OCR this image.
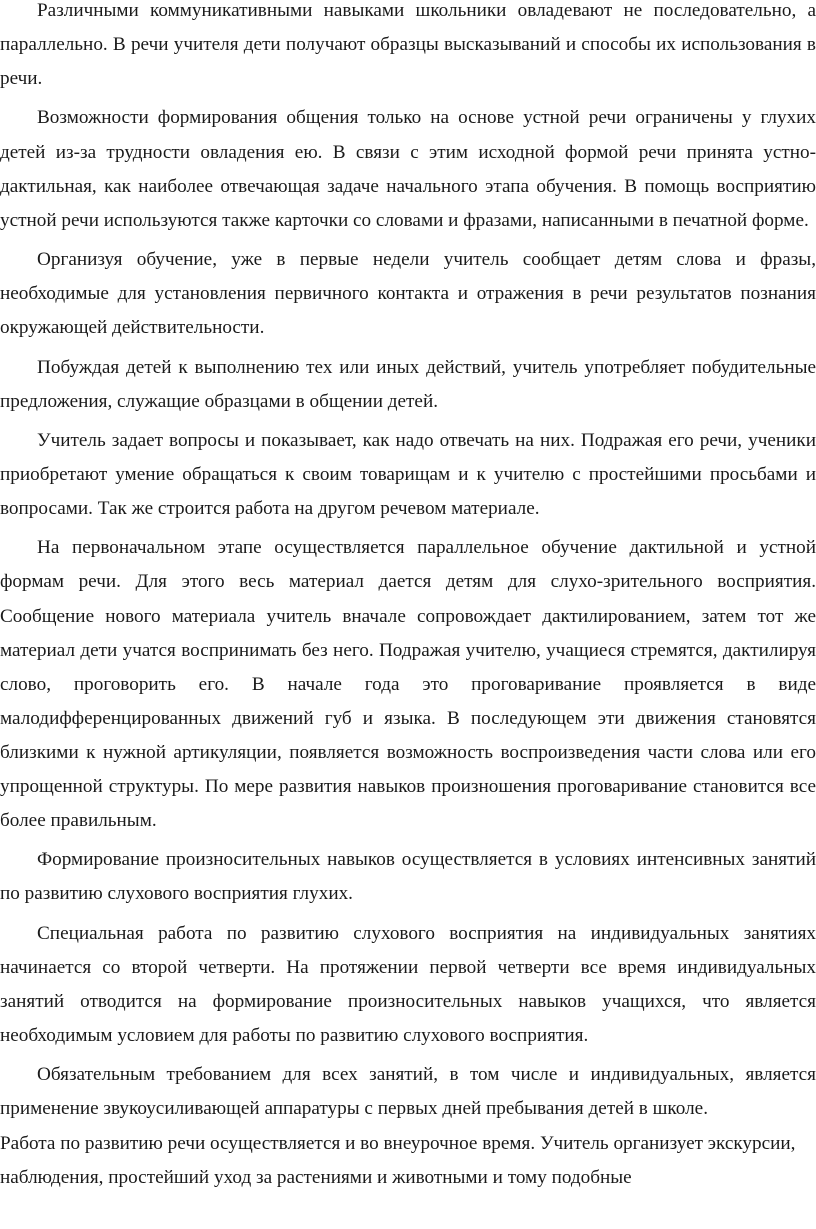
Различными коммуникативными навыками школьники овладевают не последовательно, а параллельно. В речи учителя дети получают образцы высказываний и способы их использования в речи.

Возможности формирования общения только на основе устной речи ограничены у глухих детей из-за трудности овладения ею. В связи с этим исходной формой речи принята устно-дактильная, как наиболее отвечающая задаче начального этапа обучения. В помощь восприятию устной речи используются также карточки со словами и фразами, написанными в печатной форме.

Организуя обучение, уже в первые недели учитель сообщает детям слова и фразы, необходимые для установления первичного контакта и отражения в речи результатов познания окружающей действительности.

Побуждая детей к выполнению тех или иных действий, учитель употребляет побудительные предложения, служащие образцами в общении детей.

Учитель задает вопросы и показывает, как надо отвечать на них. Подражая его речи, ученики приобретают умение обращаться к своим товарищам и к учителю с простейшими просьбами и вопросами. Так же строится работа на другом речевом материале.

На первоначальном этапе осуществляется параллельное обучение дактильной и устной формам речи. Для этого весь материал дается детям для слухо-зрительного восприятия. Сообщение нового материала учитель вначале сопровождает дактилированием, затем тот же материал дети учатся воспринимать без него. Подражая учителю, учащиеся стремятся, дактилируя слово, проговорить его. В начале года это проговаривание проявляется в виде малодифференцированных движений губ и языка. В последующем эти движения становятся близкими к нужной артикуляции, появляется возможность воспроизведения части слова или его упрощенной структуры. По мере развития навыков произношения проговаривание становится все более правильным.

Формирование произносительных навыков осуществляется в условиях интенсивных занятий по развитию слухового восприятия глухих.

Специальная работа по развитию слухового восприятия на индивидуальных занятиях начинается со второй четверти. На протяжении первой четверти все время индивидуальных занятий отводится на формирование произносительных навыков учащихся, что является необходимым условием для работы по развитию слухового восприятия.

Обязательным требованием для всех занятий, в том числе и индивидуальных, является применение звукоусиливающей аппаратуры с первых дней пребывания детей в школе.

Работа по развитию речи осуществляется и во внеурочное время. Учитель организует экскурсии, наблюдения, простейший уход за растениями и животными и тому подобные
